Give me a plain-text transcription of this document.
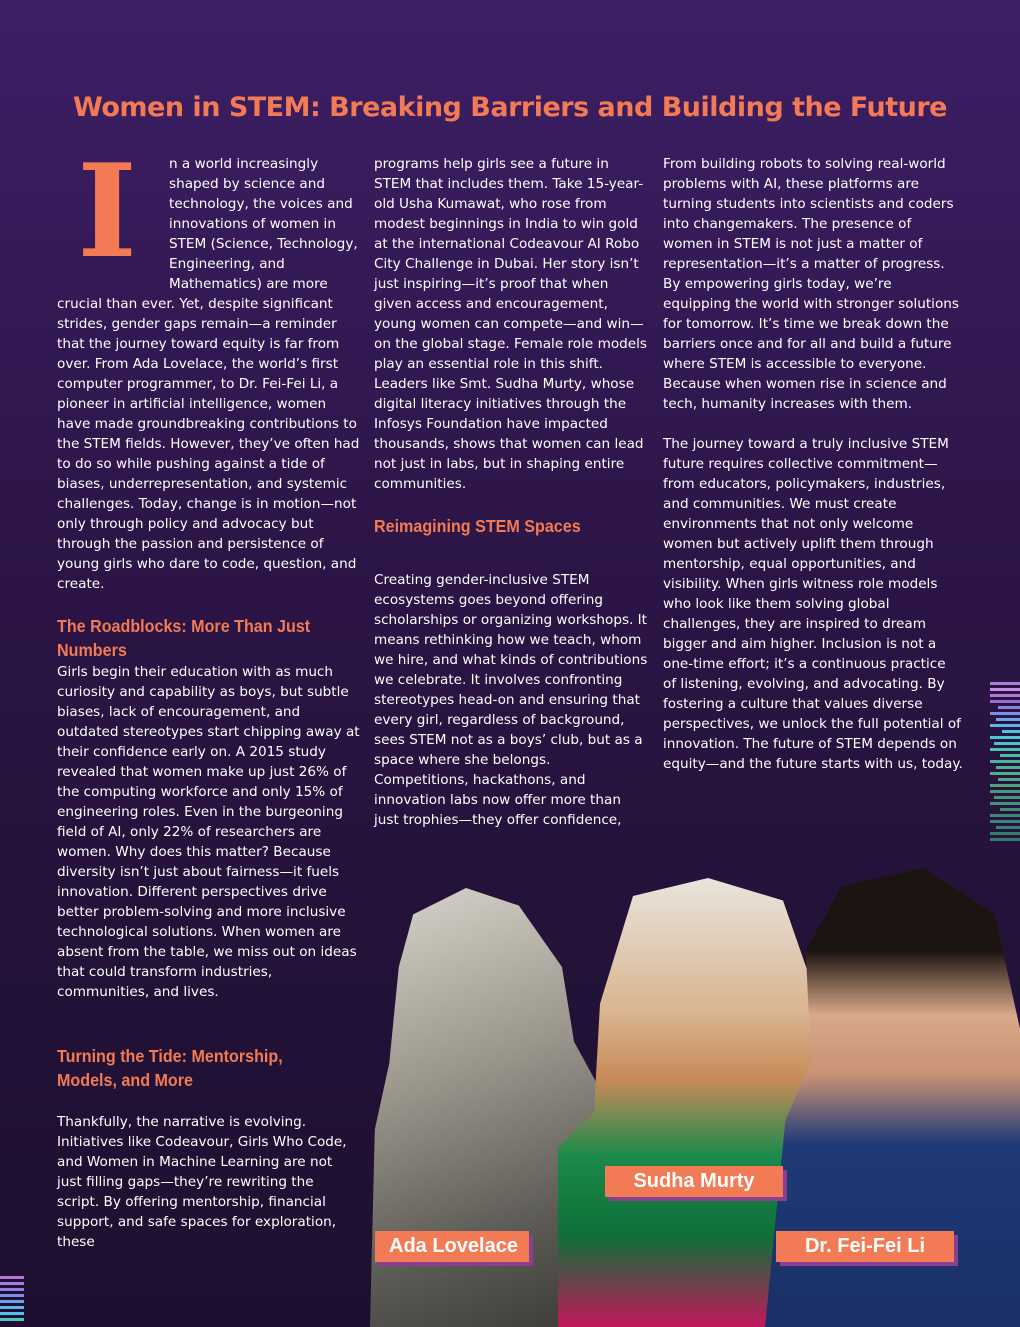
Women in STEM: Breaking Barriers and Building the Future
I	n a world increasingly shaped by science and technology, the voices and innovations of women in STEM (Science, Technology, Engineering, and Mathematics) are more crucial than ever. Yet, despite significant strides, gender gaps remain—a reminder that the journey toward equity is far from over. From Ada Lovelace, the world’s first computer programmer, to Dr. Fei-Fei Li, a pioneer in artificial intelligence, women have made groundbreaking contributions to the STEM fields. However, they’ve often had to do so while pushing against a tide of biases, underrepresentation, and systemic challenges. Today, change is in motion—not only through policy and advocacy but through the passion and persistence of young girls who dare to code, question, and create.

The Roadblocks: More Than Just Numbers

Girls begin their education with as much curiosity and capability as boys, but subtle biases, lack of encouragement, and outdated stereotypes start chipping away at their confidence early on. A 2015 study revealed that women make up just 26% of the computing workforce and only 15% of engineering roles. Even in the burgeoning field of AI, only 22% of researchers are women. Why does this matter? Because diversity isn’t just about fairness—it fuels innovation. Different perspectives drive better problem-solving and more inclusive technological solutions. When women are absent from the table, we miss out on ideas that could transform industries, communities, and lives.

Turning the Tide: Mentorship, Models, and More

Thankfully, the narrative is evolving. Initiatives like Codeavour, Girls Who Code, and Women in Machine Learning are not just filling gaps—they’re rewriting the script. By offering mentorship, financial support, and safe spaces for exploration, these

programs help girls see a future in STEM that includes them. Take 15-year-old Usha Kumawat, who rose from modest beginnings in India to win gold at the international Codeavour AI Robo City Challenge in Dubai. Her story isn’t just inspiring—it’s proof that when given access and encouragement, young women can compete—and win—on the global stage. Female role models play an essential role in this shift. Leaders like Smt. Sudha Murty, whose digital literacy initiatives through the Infosys Foundation have impacted thousands, shows that women can lead not just in labs, but in shaping entire communities.

Reimagining STEM Spaces

Creating gender-inclusive STEM ecosystems goes beyond offering scholarships or organizing workshops. It means rethinking how we teach, whom we hire, and what kinds of contributions we celebrate. It involves confronting stereotypes head-on and ensuring that every girl, regardless of background, sees STEM not as a boys’ club, but as a space where she belongs. Competitions, hackathons, and innovation labs now offer more than just trophies—they offer confidence,

From building robots to solving real-world problems with AI, these platforms are turning students into scientists and coders into changemakers. The presence of women in STEM is not just a matter of representation—it’s a matter of progress. By empowering girls today, we’re equipping the world with stronger solutions for tomorrow. It’s time we break down the barriers once and for all and build a future where STEM is accessible to everyone. Because when women rise in science and tech, humanity increases with them.

The journey toward a truly inclusive STEM future requires collective commitment—from educators, policymakers, industries, and communities. We must create environments that not only welcome women but actively uplift them through mentorship, equal opportunities, and visibility. When girls witness role models who look like them solving global challenges, they are inspired to dream bigger and aim higher. Inclusion is not a one-time effort; it’s a continuous practice of listening, evolving, and advocating. By fostering a culture that values diverse perspectives, we unlock the full potential of innovation. The future of STEM depends on equity—and the future starts with us, today.

Ada Lovelace
Sudha Murty
Dr. Fei-Fei Li
